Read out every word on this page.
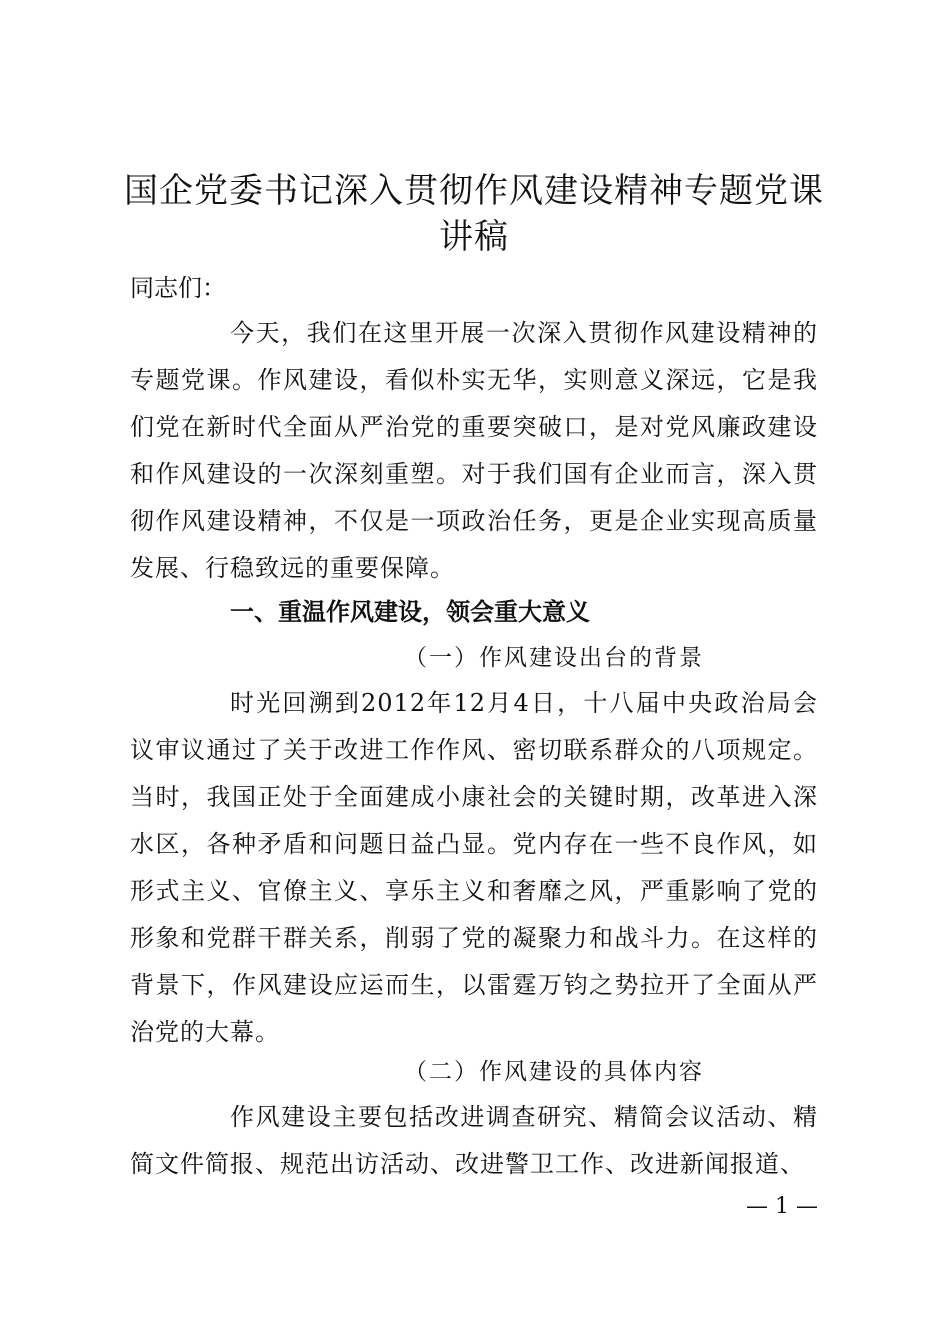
国企党委书记深入贯彻作风建设精神专题党课讲稿

同志们：

今天，我们在这里开展一次深入贯彻作风建设精神的专题党课。作风建设，看似朴实无华，实则意义深远，它是我们党在新时代全面从严治党的重要突破口，是对党风廉政建设和作风建设的一次深刻重塑。对于我们国有企业而言，深入贯彻作风建设精神，不仅是一项政治任务，更是企业实现高质量发展、行稳致远的重要保障。

一、重温作风建设，领会重大意义

（一）作风建设出台的背景

时光回溯到2012年12月4日，十八届中央政治局会议审议通过了关于改进工作作风、密切联系群众的八项规定。当时，我国正处于全面建成小康社会的关键时期，改革进入深水区，各种矛盾和问题日益凸显。党内存在一些不良作风，如形式主义、官僚主义、享乐主义和奢靡之风，严重影响了党的形象和党群干群关系，削弱了党的凝聚力和战斗力。在这样的背景下，作风建设应运而生，以雷霆万钧之势拉开了全面从严治党的大幕。

（二）作风建设的具体内容

作风建设主要包括改进调查研究、精简会议活动、精简文件简报、规范出访活动、改进警卫工作、改进新闻报道、

— 1 —
